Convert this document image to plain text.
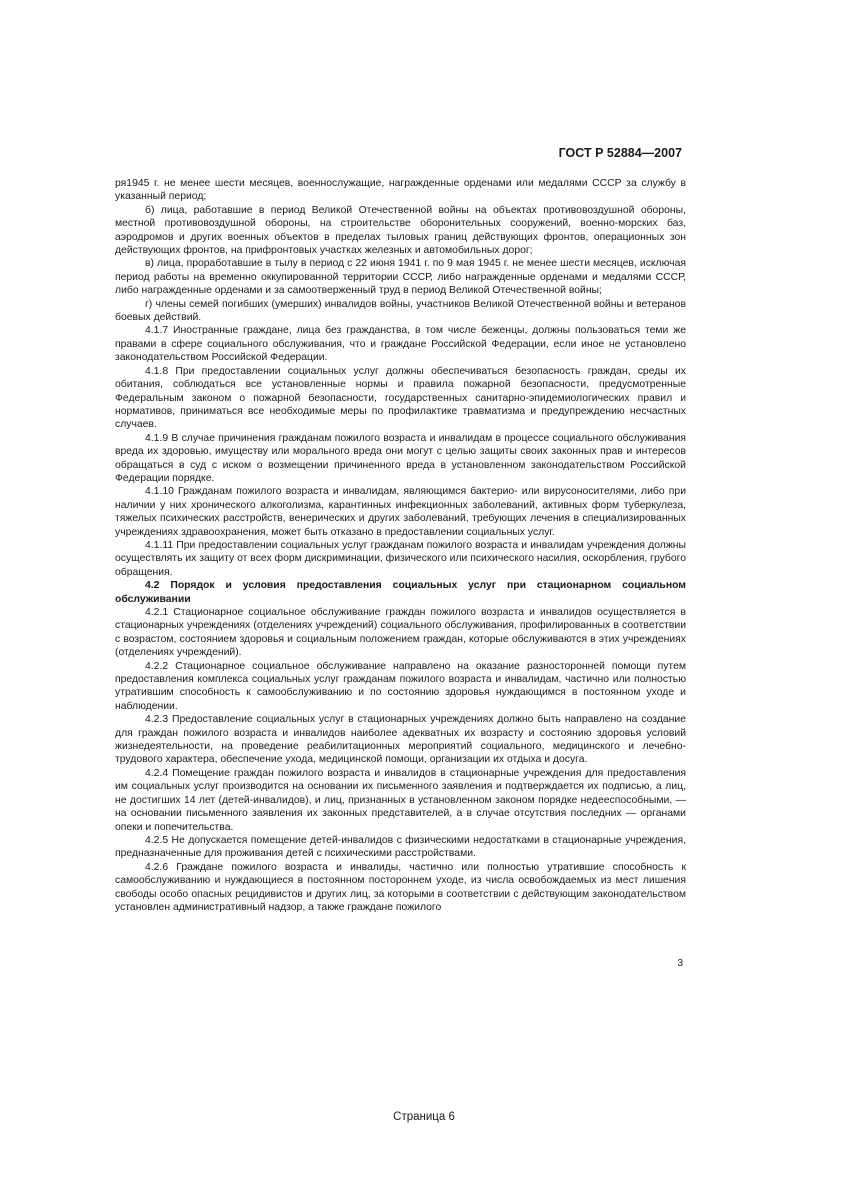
ГОСТ Р 52884—2007

ря1945 г. не менее шести месяцев, военнослужащие, награжденные орденами или медалями СССР за службу в указанный период;

б) лица, работавшие в период Великой Отечественной войны на объектах противовоздушной обороны, местной противовоздушной обороны, на строительстве оборонительных сооружений, военно-морских баз, аэродромов и других военных объектов в пределах тыловых границ действующих фронтов, операционных зон действующих фронтов, на прифронтовых участках железных и автомобильных дорог;

в) лица, проработавшие в тылу в период с 22 июня 1941 г. по 9 мая 1945 г. не менее шести месяцев, исключая период работы на временно оккупированной территории СССР, либо награжденные орденами и медалями СССР, либо награжденные орденами и за самоотверженный труд в период Великой Отечественной войны;

г) члены семей погибших (умерших) инвалидов войны, участников Великой Отечественной войны и ветеранов боевых действий.

4.1.7 Иностранные граждане, лица без гражданства, в том числе беженцы, должны пользоваться теми же правами в сфере социального обслуживания, что и граждане Российской Федерации, если иное не установлено законодательством Российской Федерации.

4.1.8 При предоставлении социальных услуг должны обеспечиваться безопасность граждан, среды их обитания, соблюдаться все установленные нормы и правила пожарной безопасности, предусмотренные Федеральным законом о пожарной безопасности, государственных санитарно-эпидемиологических правил и нормативов, приниматься все необходимые меры по профилактике травматизма и предупреждению несчастных случаев.

4.1.9 В случае причинения гражданам пожилого возраста и инвалидам в процессе социального обслуживания вреда их здоровью, имуществу или морального вреда они могут с целью защиты своих законных прав и интересов обращаться в суд с иском о возмещении причиненного вреда в установленном законодательством Российской Федерации порядке.

4.1.10 Гражданам пожилого возраста и инвалидам, являющимся бактерио- или вирусоносителями, либо при наличии у них хронического алкоголизма, карантинных инфекционных заболеваний, активных форм туберкулеза, тяжелых психических расстройств, венерических и других заболеваний, требующих лечения в специализированных учреждениях здравоохранения, может быть отказано в предоставлении социальных услуг.

4.1.11 При предоставлении социальных услуг гражданам пожилого возраста и инвалидам учреждения должны осуществлять их защиту от всех форм дискриминации, физического или психического насилия, оскорбления, грубого обращения.

4.2 Порядок и условия предоставления социальных услуг при стационарном социальном обслуживании

4.2.1 Стационарное социальное обслуживание граждан пожилого возраста и инвалидов осуществляется в стационарных учреждениях (отделениях учреждений) социального обслуживания, профилированных в соответствии с возрастом, состоянием здоровья и социальным положением граждан, которые обслуживаются в этих учреждениях (отделениях учреждений).

4.2.2 Стационарное социальное обслуживание направлено на оказание разносторонней помощи путем предоставления комплекса социальных услуг гражданам пожилого возраста и инвалидам, частично или полностью утратившим способность к самообслуживанию и по состоянию здоровья нуждающимся в постоянном уходе и наблюдении.

4.2.3 Предоставление социальных услуг в стационарных учреждениях должно быть направлено на создание для граждан пожилого возраста и инвалидов наиболее адекватных их возрасту и состоянию здоровья условий жизнедеятельности, на проведение реабилитационных мероприятий социального, медицинского и лечебно-трудового характера, обеспечение ухода, медицинской помощи, организации их отдыха и досуга.

4.2.4 Помещение граждан пожилого возраста и инвалидов в стационарные учреждения для предоставления им социальных услуг производится на основании их письменного заявления и подтверждается их подписью, а лиц, не достигших 14 лет (детей-инвалидов), и лиц, признанных в установленном законом порядке недееспособными, — на основании письменного заявления их законных представителей, а в случае отсутствия последних — органами опеки и попечительства.

4.2.5 Не допускается помещение детей-инвалидов с физическими недостатками в стационарные учреждения, предназначенные для проживания детей с психическими расстройствами.

4.2.6 Граждане пожилого возраста и инвалиды, частично или полностью утратившие способность к самообслуживанию и нуждающиеся в постоянном постороннем уходе, из числа освобождаемых из мест лишения свободы особо опасных рецидивистов и других лиц, за которыми в соответствии с действующим законодательством установлен административный надзор, а также граждане пожилого

3
Страница 6
